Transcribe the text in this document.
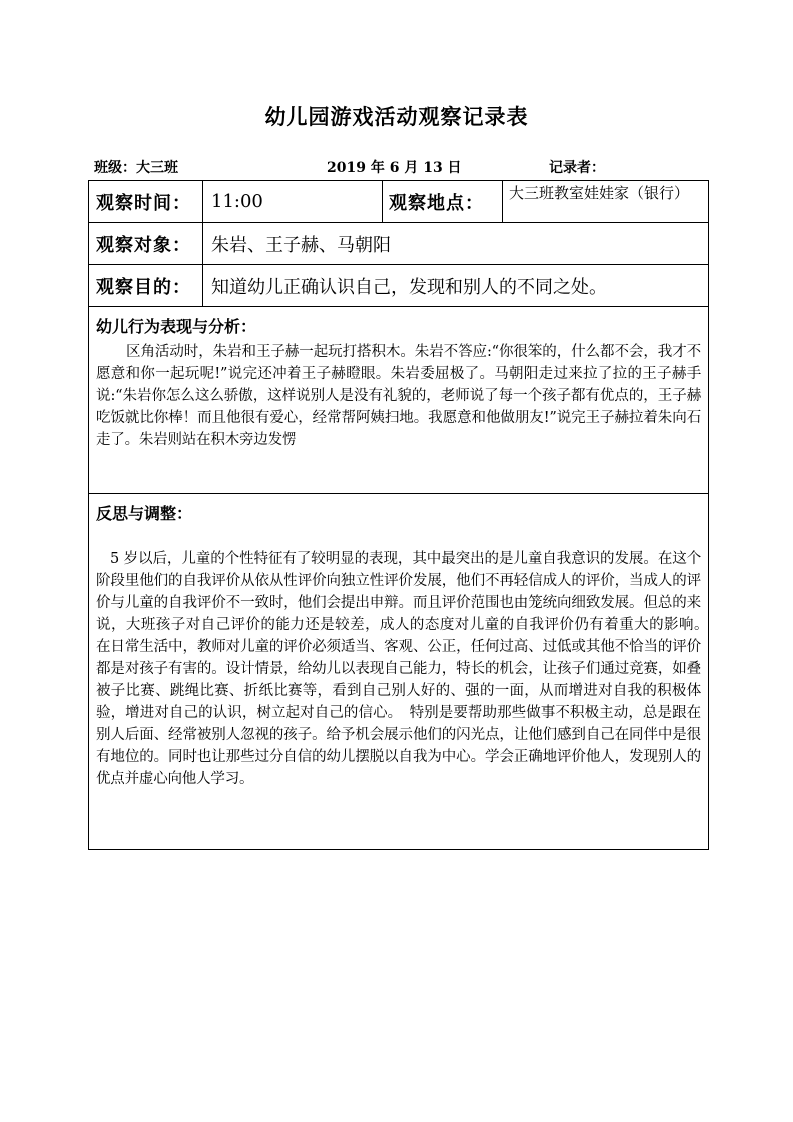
幼儿园游戏活动观察记录表
班级：大三班	2019 年 6 月 13 日	记录者：
观察时间：	11:00	观察地点：	大三班教室娃娃家（银行）
观察对象：	朱岩、王子赫、马朝阳		
观察目的：	知道幼儿正确认识自己，发现和别人的不同之处。		

幼儿行为表现与分析：

区角活动时，朱岩和王子赫一起玩打搭积木。朱岩不答应:“你很笨的，什么都不会，我才不愿意和你一起玩呢!”说完还冲着王子赫瞪眼。朱岩委屈极了。马朝阳走过来拉了拉的王子赫手说:“朱岩你怎么这么骄傲，这样说别人是没有礼貌的，老师说了每一个孩子都有优点的，王子赫吃饭就比你棒！而且他很有爱心，经常帮阿姨扫地。我愿意和他做朋友!”说完王子赫拉着朱向石走了。朱岩则站在积木旁边发愣			

反思与调整：

5 岁以后，儿童的个性特征有了较明显的表现，其中最突出的是儿童自我意识的发展。在这个阶段里他们的自我评价从依从性评价向独立性评价发展，他们不再轻信成人的评价，当成人的评价与儿童的自我评价不一致时，他们会提出申辩。而且评价范围也由笼统向细致发展。但总的来说，大班孩子对自己评价的能力还是较差，成人的态度对儿童的自我评价仍有着重大的影响。　在日常生活中，教师对儿童的评价必须适当、客观、公正，任何过高、过低或其他不恰当的评价都是对孩子有害的。设计情景，给幼儿以表现自己能力，特长的机会，让孩子们通过竞赛，如叠被子比赛、跳绳比赛、折纸比赛等，看到自己别人好的、强的一面，从而增进对自我的积极体验，增进对自己的认识，树立起对自己的信心。　特别是要帮助那些做事不积极主动，总是跟在别人后面、经常被别人忽视的孩子。给予机会展示他们的闪光点，让他们感到自己在同伴中是很有地位的。同时也让那些过分自信的幼儿摆脱以自我为中心。学会正确地评价他人，发现别人的优点并虚心向他人学习。			
